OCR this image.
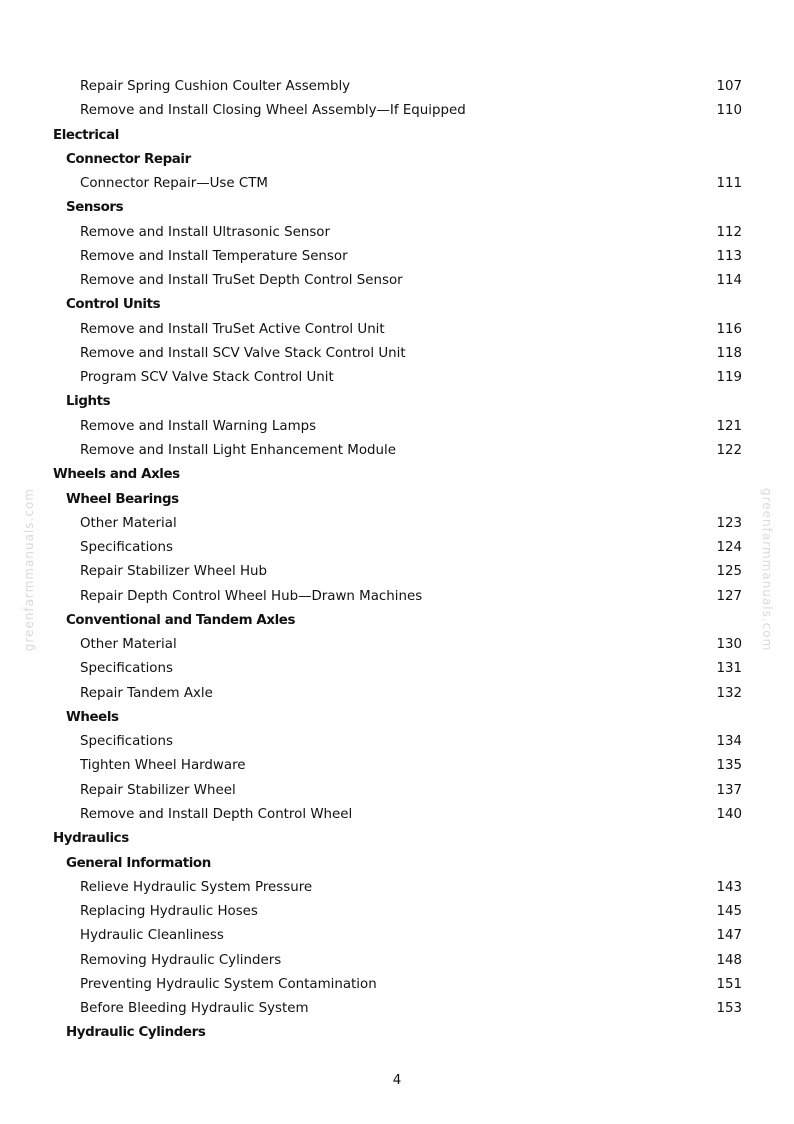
Repair Spring Cushion Coulter Assembly	107
Remove and Install Closing Wheel Assembly—If Equipped	110
Electrical
Connector Repair
Connector Repair—Use CTM	111
Sensors
Remove and Install Ultrasonic Sensor	112
Remove and Install Temperature Sensor	113
Remove and Install TruSet Depth Control Sensor	114
Control Units
Remove and Install TruSet Active Control Unit	116
Remove and Install SCV Valve Stack Control Unit	118
Program SCV Valve Stack Control Unit	119
Lights
Remove and Install Warning Lamps	121
Remove and Install Light Enhancement Module	122
Wheels and Axles
Wheel Bearings
Other Material	123
Specifications	124
Repair Stabilizer Wheel Hub	125
Repair Depth Control Wheel Hub—Drawn Machines	127
Conventional and Tandem Axles
Other Material	130
Specifications	131
Repair Tandem Axle	132
Wheels
Specifications	134
Tighten Wheel Hardware	135
Repair Stabilizer Wheel	137
Remove and Install Depth Control Wheel	140
Hydraulics
General Information
Relieve Hydraulic System Pressure	143
Replacing Hydraulic Hoses	145
Hydraulic Cleanliness	147
Removing Hydraulic Cylinders	148
Preventing Hydraulic System Contamination	151
Before Bleeding Hydraulic System	153
Hydraulic Cylinders
4
greenfarmmanuals.com	greenfarmmanuals.com
